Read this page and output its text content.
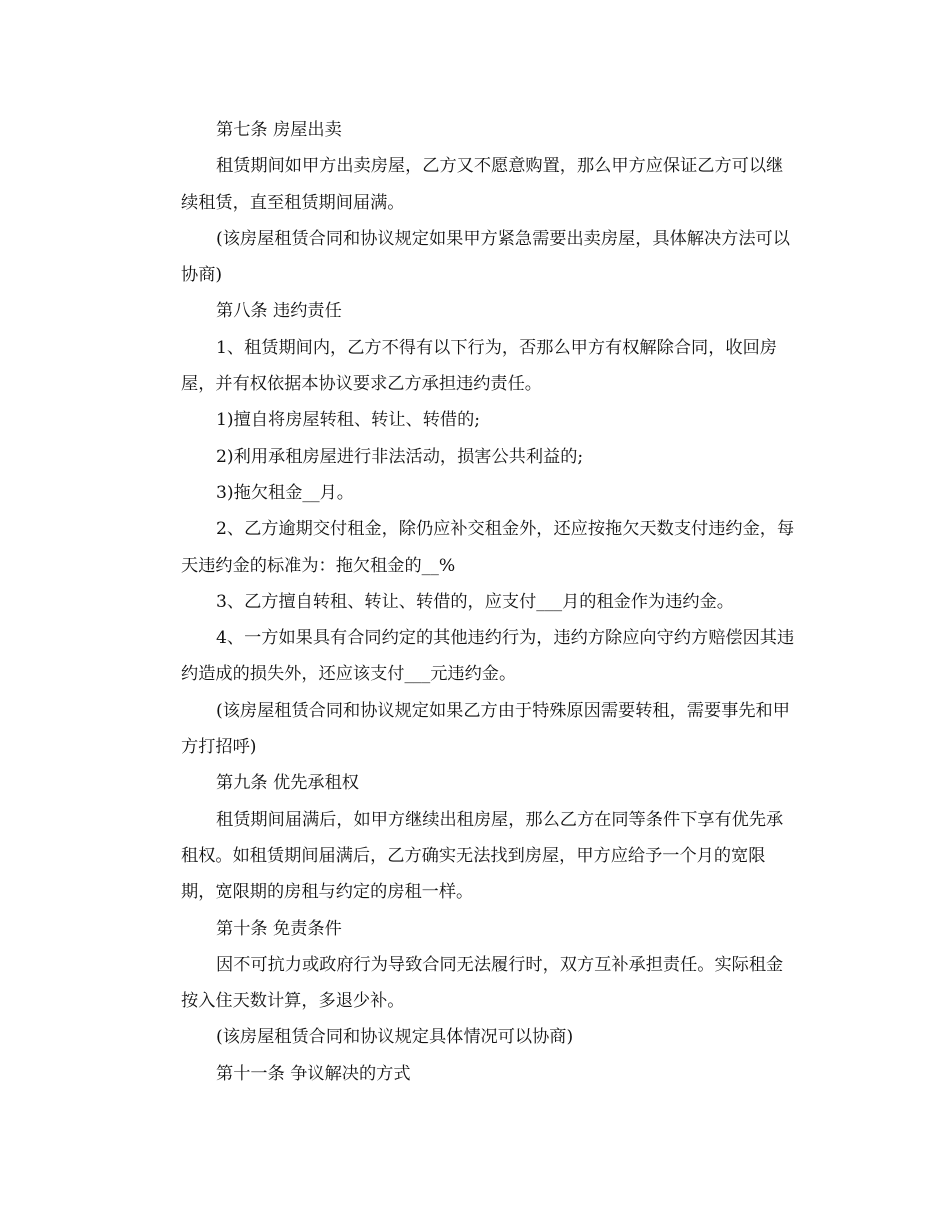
第七条 房屋出卖
租赁期间如甲方出卖房屋，乙方又不愿意购置，那么甲方应保证乙方可以继
续租赁，直至租赁期间届满。
(该房屋租赁合同和协议规定如果甲方紧急需要出卖房屋，具体解决方法可以
协商)
第八条 违约责任
1、租赁期间内，乙方不得有以下行为，否那么甲方有权解除合同，收回房
屋，并有权依据本协议要求乙方承担违约责任。
1)擅自将房屋转租、转让、转借的;
2)利用承租房屋进行非法活动，损害公共利益的;
3)拖欠租金__月。
2、乙方逾期交付租金，除仍应补交租金外，还应按拖欠天数支付违约金，每
天违约金的标准为：拖欠租金的__%
3、乙方擅自转租、转让、转借的，应支付___月的租金作为违约金。
4、一方如果具有合同约定的其他违约行为，违约方除应向守约方赔偿因其违
约造成的损失外，还应该支付___元违约金。
(该房屋租赁合同和协议规定如果乙方由于特殊原因需要转租，需要事先和甲
方打招呼)
第九条 优先承租权
租赁期间届满后，如甲方继续出租房屋，那么乙方在同等条件下享有优先承
租权。如租赁期间届满后，乙方确实无法找到房屋，甲方应给予一个月的宽限
期，宽限期的房租与约定的房租一样。
第十条 免责条件
因不可抗力或政府行为导致合同无法履行时，双方互补承担责任。实际租金
按入住天数计算，多退少补。
(该房屋租赁合同和协议规定具体情况可以协商)
第十一条 争议解决的方式
